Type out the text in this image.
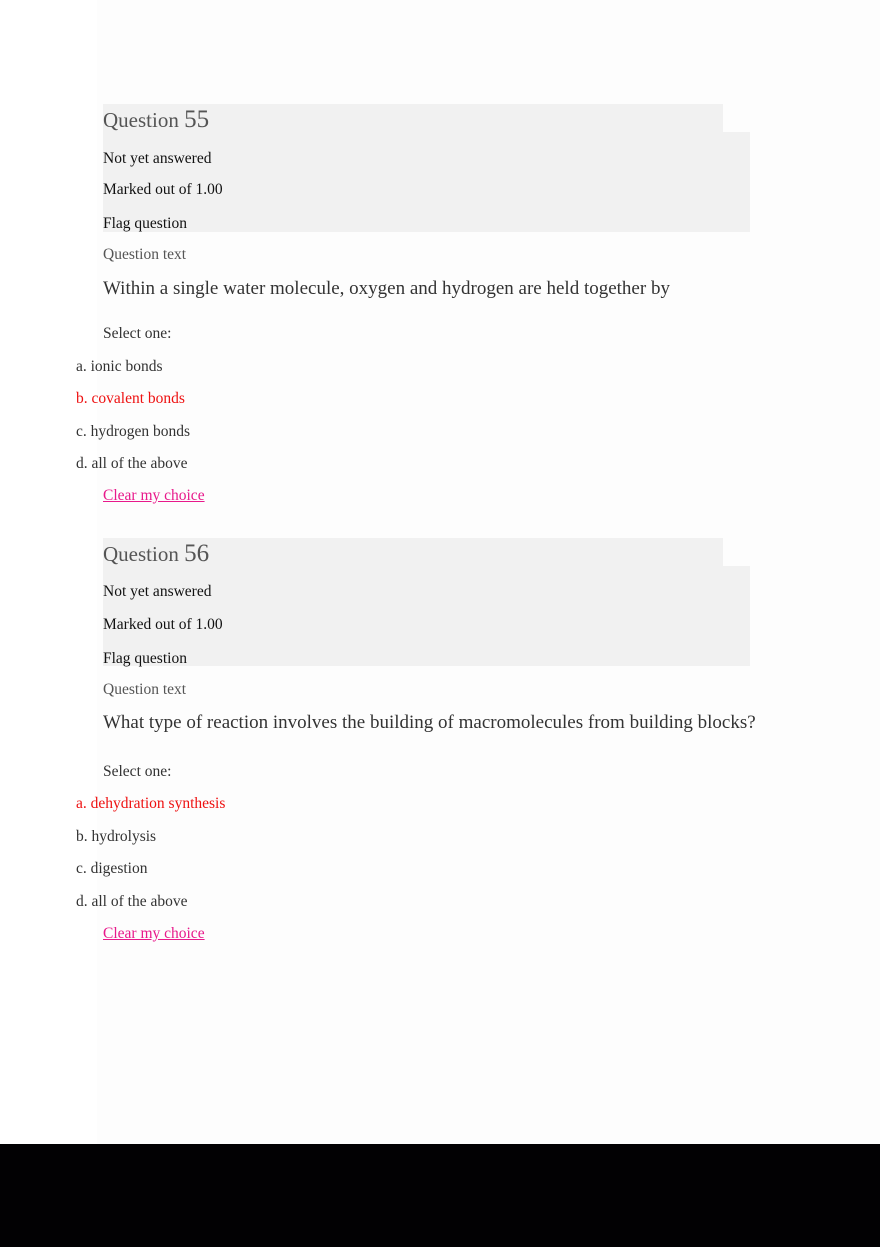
Question 55
Not yet answered
Marked out of 1.00
Flag question
Question text
Within a single water molecule, oxygen and hydrogen are held together by
Select one:
a. ionic bonds
b. covalent bonds
c. hydrogen bonds
d. all of the above
Clear my choice
Question 56
Not yet answered
Marked out of 1.00
Flag question
Question text
What type of reaction involves the building of macromolecules from building blocks?
Select one:
a. dehydration synthesis
b. hydrolysis
c. digestion
d. all of the above
Clear my choice
